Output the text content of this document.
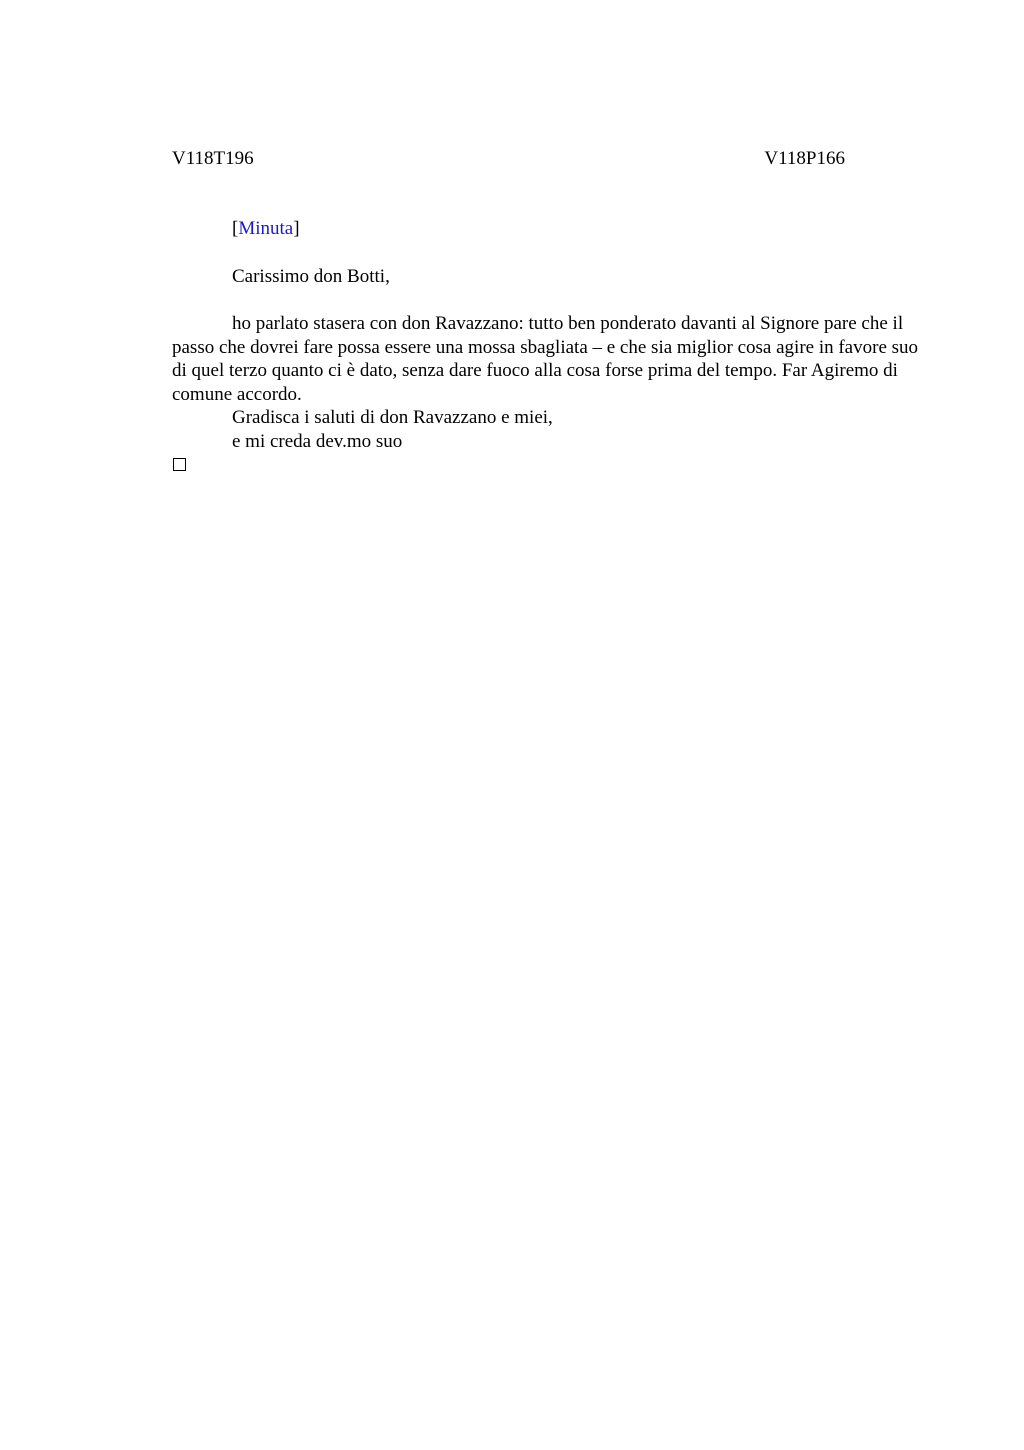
V118T196	V118P166
[Minuta]
Carissimo don Botti,

ho parlato stasera con don Ravazzano: tutto ben ponderato davanti al Signore pare che il passo che dovrei fare possa essere una mossa sbagliata – e che sia miglior cosa agire in favore suo di quel terzo quanto ci è dato, senza dare fuoco alla cosa forse prima del tempo. Far Agiremo di comune accordo.

Gradisca i saluti di don Ravazzano e miei,
e mi creda dev.mo suo
